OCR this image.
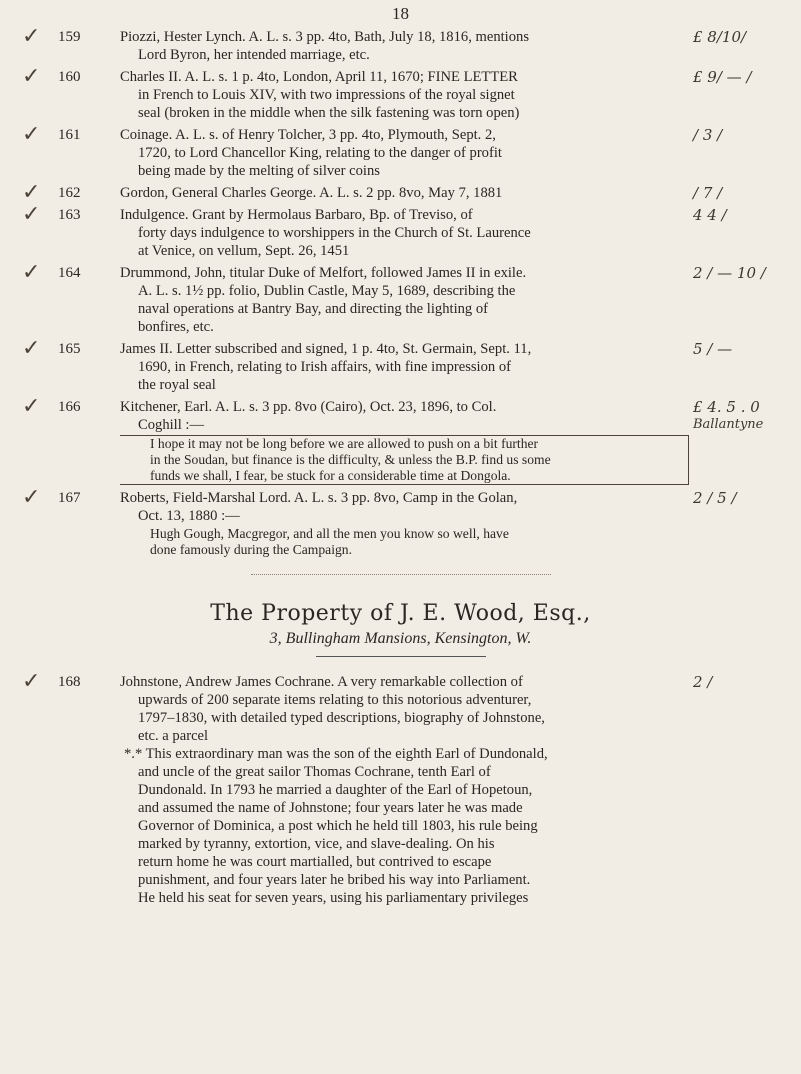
18
✓ 159	Piozzi, Hester Lynch. A. L. s. 3 pp. 4to, Bath, July 18, 1816, mentions
Lord Byron, her intended marriage, etc.
£ 8/10/
✓ 160	Charles II. A. L. s. 1 p. 4to, London, April 11, 1670; FINE LETTER
in French to Louis XIV, with two impressions of the royal signet
seal (broken in the middle when the silk fastening was torn open)
£ 9/ — /
✓ 161	Coinage. A. L. s. of Henry Tolcher, 3 pp. 4to, Plymouth, Sept. 2,
1720, to Lord Chancellor King, relating to the danger of profit
being made by the melting of silver coins
/ 3 /
✓ 162	Gordon, General Charles George. A. L. s. 2 pp. 8vo, May 7, 1881	/ 7 /
✓ 163	Indulgence. Grant by Hermolaus Barbaro, Bp. of Treviso, of
forty days indulgence to worshippers in the Church of St. Laurence
at Venice, on vellum, Sept. 26, 1451
4 4 /
✓ 164	Drummond, John, titular Duke of Melfort, followed James II in exile.
A. L. s. 1½ pp. folio, Dublin Castle, May 5, 1689, describing the
naval operations at Bantry Bay, and directing the lighting of
bonfires, etc.
2 / — 10 /
✓ 165	James II. Letter subscribed and signed, 1 p. 4to, St. Germain, Sept. 11,
1690, in French, relating to Irish affairs, with fine impression of
the royal seal
5 / —
✓ 166	Kitchener, Earl. A. L. s. 3 pp. 8vo (Cairo), Oct. 23, 1896, to Col.
Coghill :—
I hope it may not be long before we are allowed to push on a bit further
in the Soudan, but finance is the difficulty, & unless the B.P. find us some
funds we shall, I fear, be stuck for a considerable time at Dongola.
£ 4. 5 . 0
Ballantyne
✓ 167	Roberts, Field-Marshal Lord. A. L. s. 3 pp. 8vo, Camp in the Golan,
Oct. 13, 1880 :—
Hugh Gough, Macgregor, and all the men you know so well, have
done famously during the Campaign.
2 / 5 /
The Property of J. E. Wood, Esq.,
3, Bullingham Mansions, Kensington, W.
✓ 168	Johnstone, Andrew James Cochrane. A very remarkable collection of
upwards of 200 separate items relating to this notorious adventurer,
1797–1830, with detailed typed descriptions, biography of Johnstone,
etc. a parcel
*.* This extraordinary man was the son of the eighth Earl of Dundonald,
and uncle of the great sailor Thomas Cochrane, tenth Earl of
Dundonald. In 1793 he married a daughter of the Earl of Hopetoun,
and assumed the name of Johnstone; four years later he was made
Governor of Dominica, a post which he held till 1803, his rule being
marked by tyranny, extortion, vice, and slave-dealing. On his
return home he was court martialled, but contrived to escape
punishment, and four years later he bribed his way into Parliament.
He held his seat for seven years, using his parliamentary privileges
2 /
